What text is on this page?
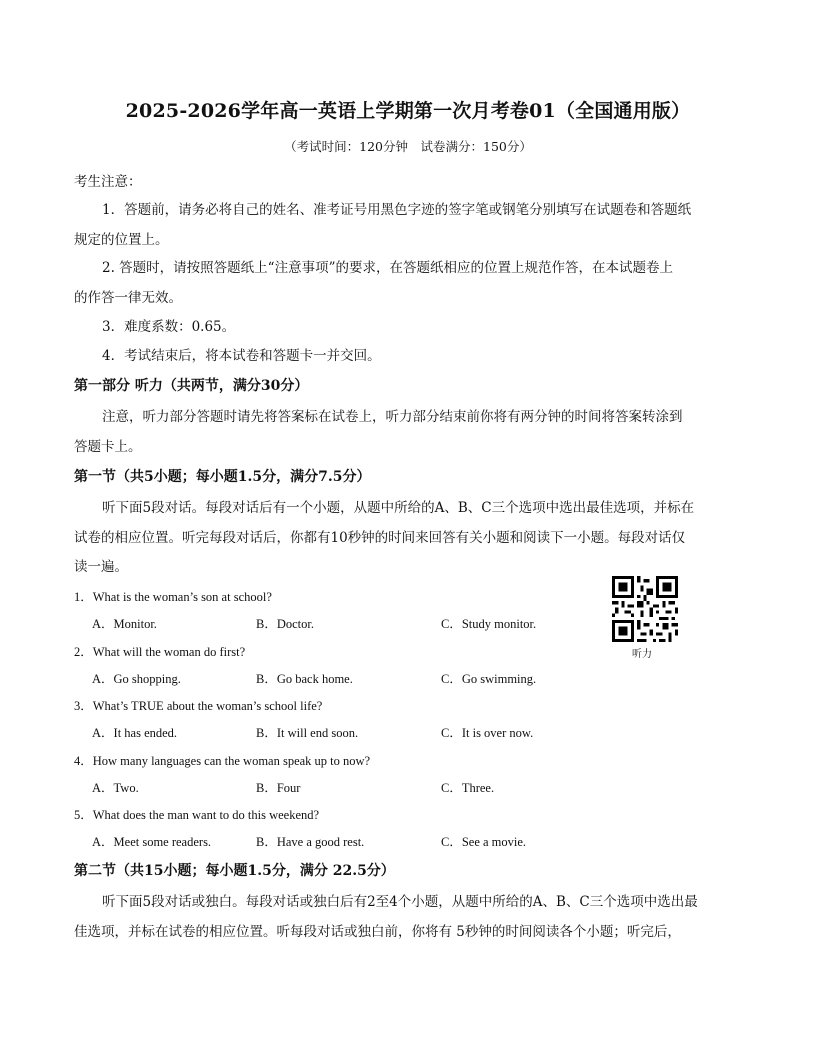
2025-2026学年高一英语上学期第一次月考卷01（全国通用版）
（考试时间：120分钟　试卷满分：150分）
考生注意：
1．答题前，请务必将自己的姓名、准考证号用黑色字迹的签字笔或钢笔分别填写在试题卷和答题纸
规定的位置上。
2. 答题时，请按照答题纸上“注意事项”的要求，在答题纸相应的位置上规范作答，在本试题卷上
的作答一律无效。
3．难度系数：0.65。
4．考试结束后，将本试卷和答题卡一并交回。
第一部分 听力（共两节，满分30分）
注意，听力部分答题时请先将答案标在试卷上，听力部分结束前你将有两分钟的时间将答案转涂到
答题卡上。
第一节（共5小题；每小题1.5分，满分7.5分）
听下面5段对话。每段对话后有一个小题，从题中所给的A、B、C三个选项中选出最佳选项，并标在
试卷的相应位置。听完每段对话后，你都有10秒钟的时间来回答有关小题和阅读下一小题。每段对话仅
读一遍。
听力
1．What is the woman’s son at school?
A．Monitor.	B．Doctor.	C．Study monitor.
2．What will the woman do first?
A．Go shopping.	B．Go back home.	C．Go swimming.
3．What’s TRUE about the woman’s school life?
A．It has ended.	B．It will end soon.	C．It is over now.
4．How many languages can the woman speak up to now?
A．Two.	B．Four	C．Three.
5．What does the man want to do this weekend?
A．Meet some readers.	B．Have a good rest.	C．See a movie.
第二节（共15小题；每小题1.5分，满分 22.5分）
听下面5段对话或独白。每段对话或独白后有2至4个小题，从题中所给的A、B、C三个选项中选出最
佳选项，并标在试卷的相应位置。听每段对话或独白前，你将有 5秒钟的时间阅读各个小题；听完后，
